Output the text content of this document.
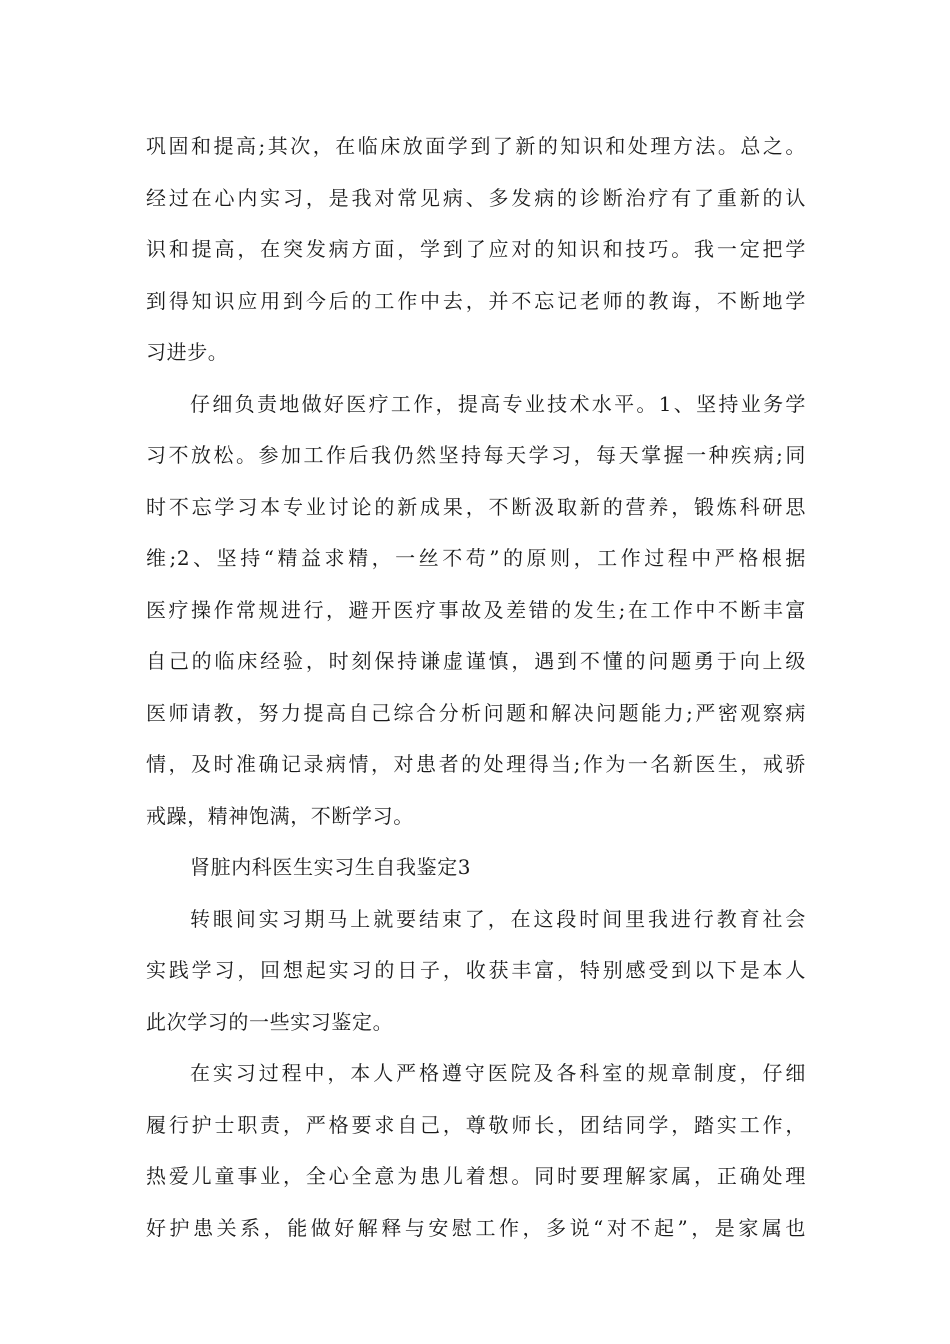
巩固和提高;其次，在临床放面学到了新的知识和处理方法。总之。
经过在心内实习，是我对常见病、多发病的诊断治疗有了重新的认
识和提高，在突发病方面，学到了应对的知识和技巧。我一定把学
到得知识应用到今后的工作中去，并不忘记老师的教诲，不断地学
习进步。
仔细负责地做好医疗工作，提高专业技术水平。1、坚持业务学
习不放松。参加工作后我仍然坚持每天学习，每天掌握一种疾病;同
时不忘学习本专业讨论的新成果，不断汲取新的营养，锻炼科研思
维;2、坚持“精益求精，一丝不苟”的原则，工作过程中严格根据
医疗操作常规进行，避开医疗事故及差错的发生;在工作中不断丰富
自己的临床经验，时刻保持谦虚谨慎，遇到不懂的问题勇于向上级
医师请教，努力提高自己综合分析问题和解决问题能力;严密观察病
情，及时准确记录病情，对患者的处理得当;作为一名新医生，戒骄
戒躁，精神饱满，不断学习。
肾脏内科医生实习生自我鉴定3
转眼间实习期马上就要结束了，在这段时间里我进行教育社会
实践学习，回想起实习的日子，收获丰富，特别感受到以下是本人
此次学习的一些实习鉴定。
在实习过程中，本人严格遵守医院及各科室的规章制度，仔细
履行护士职责，严格要求自己，尊敬师长，团结同学，踏实工作，
热爱儿童事业，全心全意为患儿着想。同时要理解家属，正确处理
好护患关系，能做好解释与安慰工作，多说“对不起”，是家属也
